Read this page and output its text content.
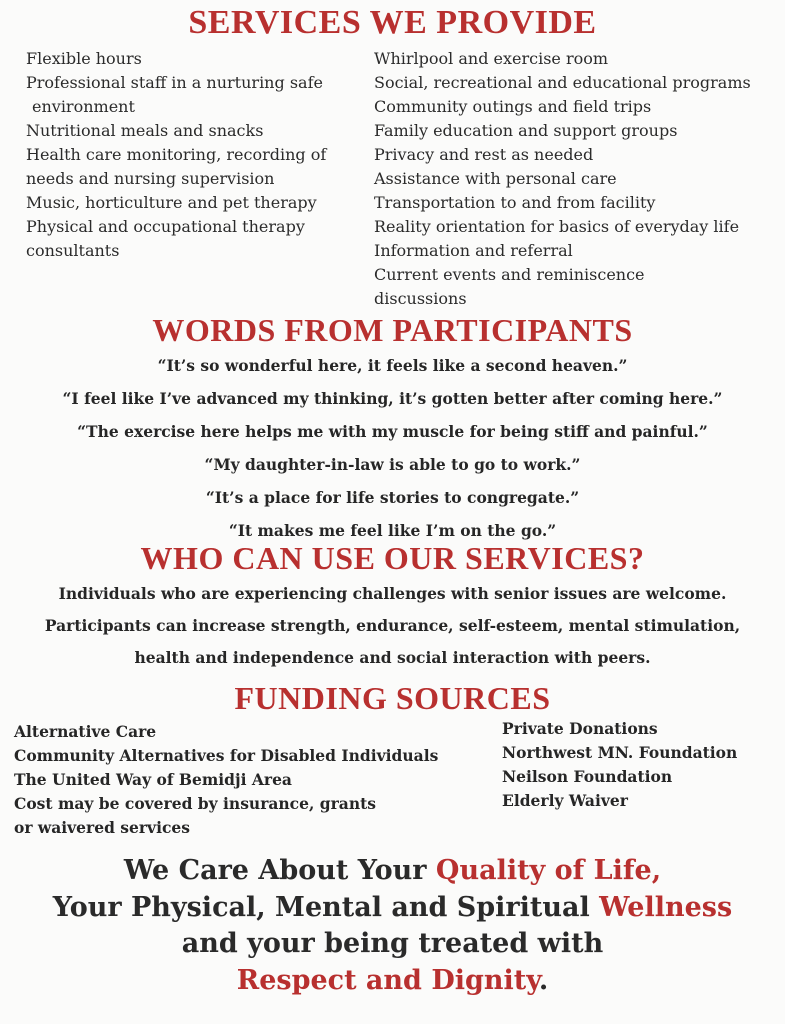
SERVICES WE PROVIDE
Flexible hours
Professional staff in a nurturing safe
environment
Nutritional meals and snacks
Health care monitoring, recording of
needs and nursing supervision
Music, horticulture and pet therapy
Physical and occupational therapy
consultants
Whirlpool and exercise room
Social, recreational and educational programs
Community outings and field trips
Family education and support groups
Privacy and rest as needed
Assistance with personal care
Transportation to and from facility
Reality orientation for basics of everyday life
Information and referral
Current events and reminiscence
discussions
WORDS FROM PARTICIPANTS
“It’s so wonderful here, it feels like a second heaven.”
“I feel like I’ve advanced my thinking, it’s gotten better after coming here.”
“The exercise here helps me with my muscle for being stiff and painful.”
“My daughter-in-law is able to go to work.”
“It’s a place for life stories to congregate.”
“It makes me feel like I’m on the go.”
WHO CAN USE OUR SERVICES?
Individuals who are experiencing challenges with senior issues are welcome.
Participants can increase strength, endurance, self-esteem, mental stimulation,
health and independence and social interaction with peers.
FUNDING SOURCES
Alternative Care
Community Alternatives for Disabled Individuals
The United Way of Bemidji Area
Cost may be covered by insurance, grants
or waivered services
Private Donations
Northwest MN. Foundation
Neilson Foundation
Elderly Waiver
We Care About Your Quality of Life,
Your Physical, Mental and Spiritual Wellness
and your being treated with
Respect and Dignity.
